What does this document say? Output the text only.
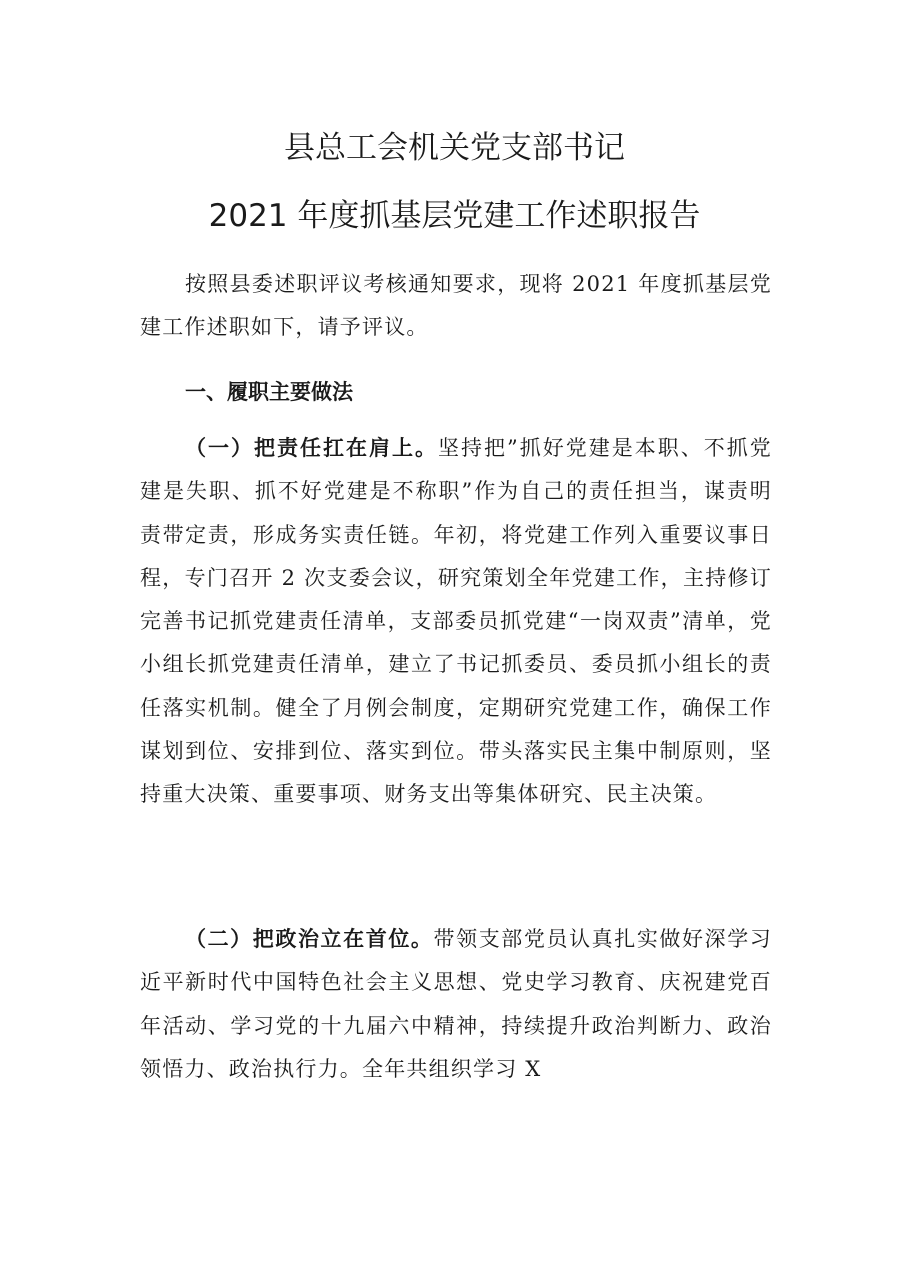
县总工会机关党支部书记
2021 年度抓基层党建工作述职报告

按照县委述职评议考核通知要求，现将 2021 年度抓基层党建工作述职如下，请予评议。

一、履职主要做法

（一）把责任扛在肩上。坚持把”抓好党建是本职、不抓党建是失职、抓不好党建是不称职”作为自己的责任担当，谋责明责带定责，形成务实责任链。年初，将党建工作列入重要议事日程，专门召开 2 次支委会议，研究策划全年党建工作，主持修订完善书记抓党建责任清单，支部委员抓党建“一岗双责”清单，党小组长抓党建责任清单，建立了书记抓委员、委员抓小组长的责任落实机制。健全了月例会制度，定期研究党建工作，确保工作谋划到位、安排到位、落实到位。带头落实民主集中制原则，坚持重大决策、重要事项、财务支出等集体研究、民主决策。

（二）把政治立在首位。带领支部党员认真扎实做好深学习近平新时代中国特色社会主义思想、党史学习教育、庆祝建党百年活动、学习党的十九届六中精神，持续提升政治判断力、政治领悟力、政治执行力。全年共组织学习 X
